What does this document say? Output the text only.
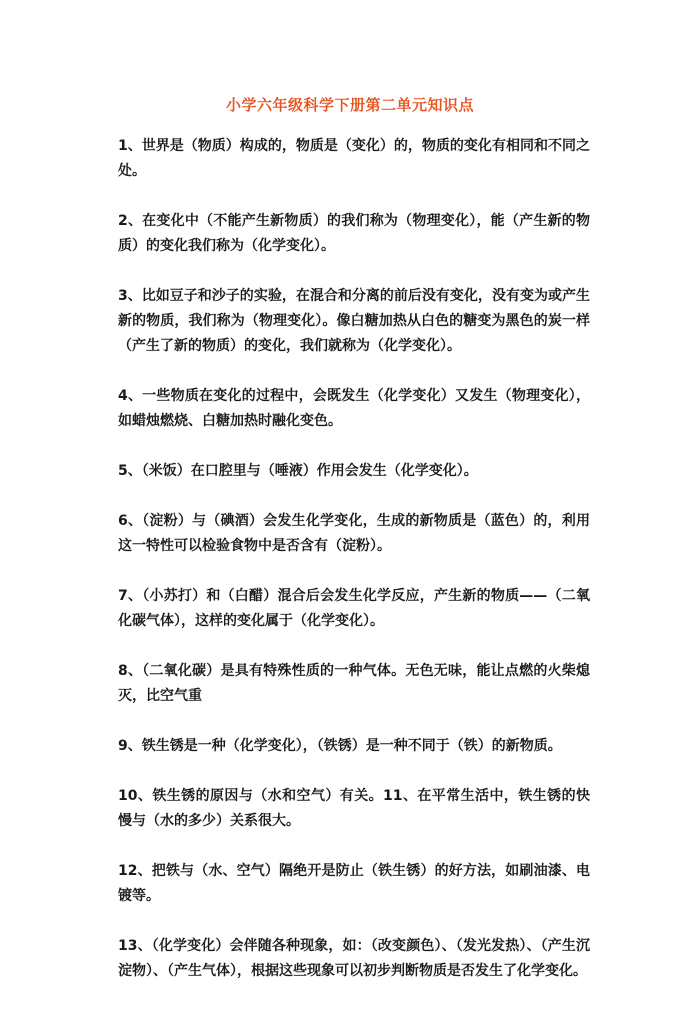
小学六年级科学下册第二单元知识点

1、世界是（物质）构成的，物质是（变化）的，物质的变化有相同和不同之处。

2、在变化中（不能产生新物质）的我们称为（物理变化），能（产生新的物质）的变化我们称为（化学变化）。

3、比如豆子和沙子的实验，在混合和分离的前后没有变化，没有变为或产生新的物质，我们称为（物理变化）。像白糖加热从白色的糖变为黑色的炭一样（产生了新的物质）的变化，我们就称为（化学变化）。

4、一些物质在变化的过程中，会既发生（化学变化）又发生（物理变化），如蜡烛燃烧、白糖加热时融化变色。

5、（米饭）在口腔里与（唾液）作用会发生（化学变化）。

6、（淀粉）与（碘酒）会发生化学变化，生成的新物质是（蓝色）的，利用这一特性可以检验食物中是否含有（淀粉）。

7、（小苏打）和（白醋）混合后会发生化学反应，产生新的物质——（二氧化碳气体），这样的变化属于（化学变化）。

8、（二氧化碳）是具有特殊性质的一种气体。无色无味，能让点燃的火柴熄灭，比空气重

9、铁生锈是一种（化学变化），（铁锈）是一种不同于（铁）的新物质。

10、铁生锈的原因与（水和空气）有关。11、在平常生活中，铁生锈的快慢与（水的多少）关系很大。

12、把铁与（水、空气）隔绝开是防止（铁生锈）的好方法，如刷油漆、电镀等。

13、（化学变化）会伴随各种现象，如：（改变颜色）、（发光发热）、（产生沉淀物）、（产生气体），根据这些现象可以初步判断物质是否发生了化学变化。
